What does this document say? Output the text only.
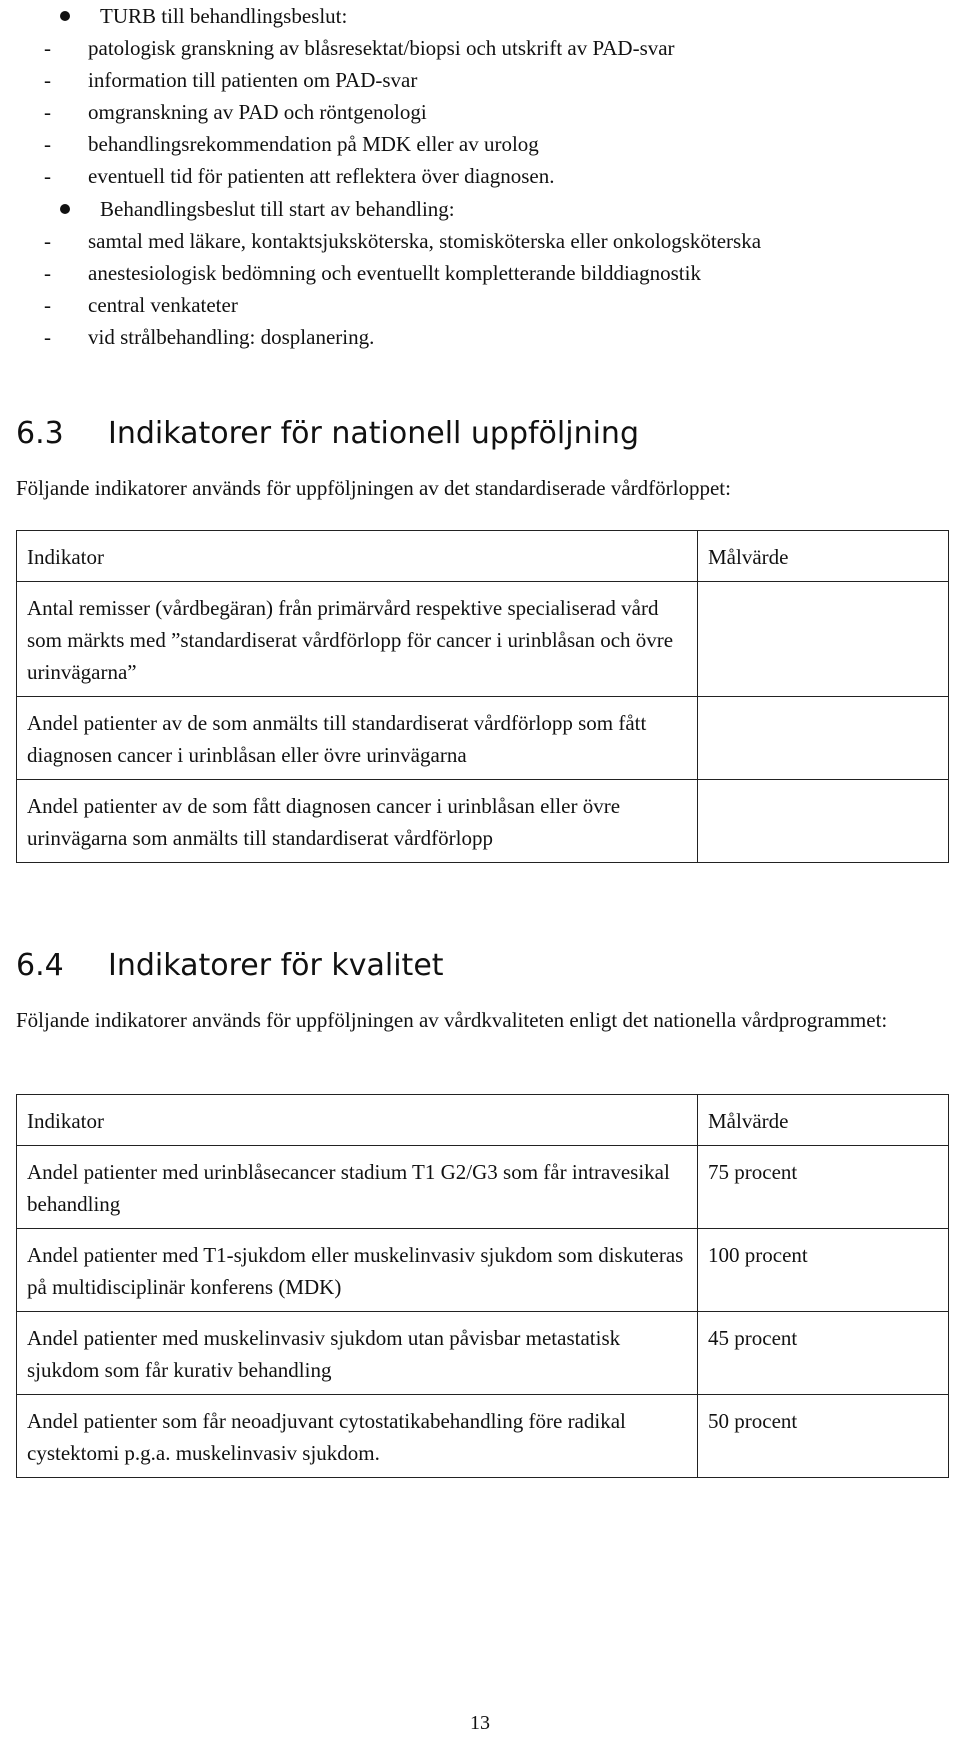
TURB till behandlingsbeslut:
- patologisk granskning av blåsresektat/biopsi och utskrift av PAD-svar
- information till patienten om PAD-svar
- omgranskning av PAD och röntgenologi
- behandlingsrekommendation på MDK eller av urolog
- eventuell tid för patienten att reflektera över diagnosen.
Behandlingsbeslut till start av behandling:
- samtal med läkare, kontaktsjuksköterska, stomisköterska eller onkologsköterska
- anestesiologisk bedömning och eventuellt kompletterande bilddiagnostik
- central venkateter
- vid strålbehandling: dosplanering.
6.3 Indikatorer för nationell uppföljning

Följande indikatorer används för uppföljningen av det standardiserade vårdförloppet:

Indikator	Målvärde
Antal remisser (vårdbegäran) från primärvård respektive specialiserad vård som märkts med ”standardiserat vårdförlopp för cancer i urinblåsan och övre urinvägarna”	
Andel patienter av de som anmälts till standardiserat vårdförlopp som fått diagnosen cancer i urinblåsan eller övre urinvägarna	
Andel patienter av de som fått diagnosen cancer i urinblåsan eller övre urinvägarna som anmälts till standardiserat vårdförlopp	
6.4 Indikatorer för kvalitet

Följande indikatorer används för uppföljningen av vårdkvaliteten enligt det nationella vårdprogrammet:

Indikator	Målvärde
Andel patienter med urinblåsecancer stadium T1 G2/G3 som får intravesikal behandling	75 procent
Andel patienter med T1-sjukdom eller muskelinvasiv sjukdom som diskuteras på multidisciplinär konferens (MDK)	100 procent
Andel patienter med muskelinvasiv sjukdom utan påvisbar metastatisk sjukdom som får kurativ behandling	45 procent
Andel patienter som får neoadjuvant cytostatikabehandling före radikal cystektomi p.g.a. muskelinvasiv sjukdom.	50 procent
13
